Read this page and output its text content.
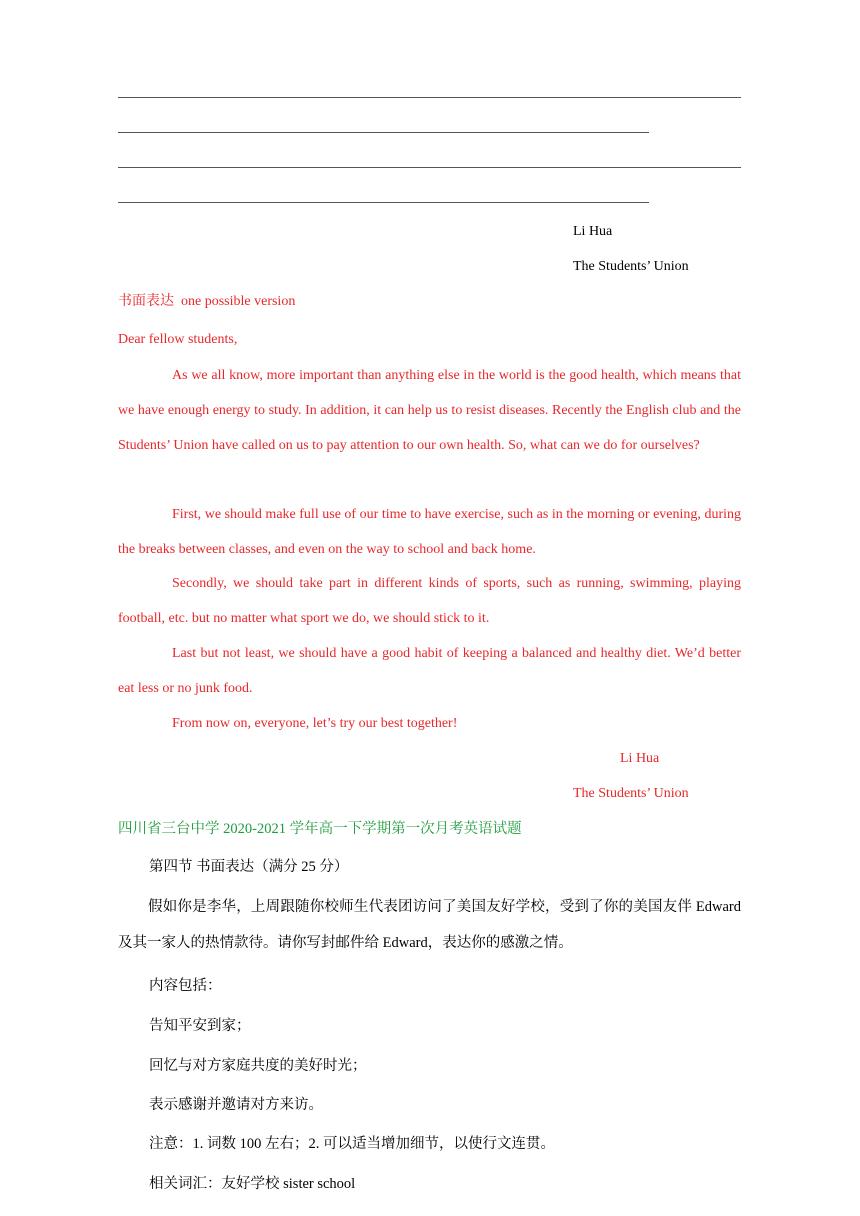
Li Hua
The Students’ Union
书面表达 one possible version
Dear fellow students,

As we all know, more important than anything else in the world is the good health, which means that we have enough energy to study. In addition, it can help us to resist diseases. Recently the English club and the Students’ Union have called on us to pay attention to our own health. So, what can we do for ourselves?

First, we should make full use of our time to have exercise, such as in the morning or evening, during the breaks between classes, and even on the way to school and back home.

Secondly, we should take part in different kinds of sports, such as running, swimming, playing football, etc. but no matter what sport we do, we should stick to it.

Last but not least, we should have a good habit of keeping a balanced and healthy diet. We’d better eat less or no junk food.

From now on, everyone, let’s try our best together!

Li Hua
The Students’ Union
四川省三台中学 2020-2021 学年高一下学期第一次月考英语试题
第四节 书面表达（满分 25 分）

假如你是李华，上周跟随你校师生代表团访问了美国友好学校，受到了你的美国友伴 Edward 及其一家人的热情款待。请你写封邮件给 Edward，表达你的感激之情。

内容包括：
告知平安到家；
回忆与对方家庭共度的美好时光；
表示感谢并邀请对方来访。
注意：1. 词数 100 左右；2. 可以适当增加细节，以使行文连贯。
相关词汇：友好学校 sister school
